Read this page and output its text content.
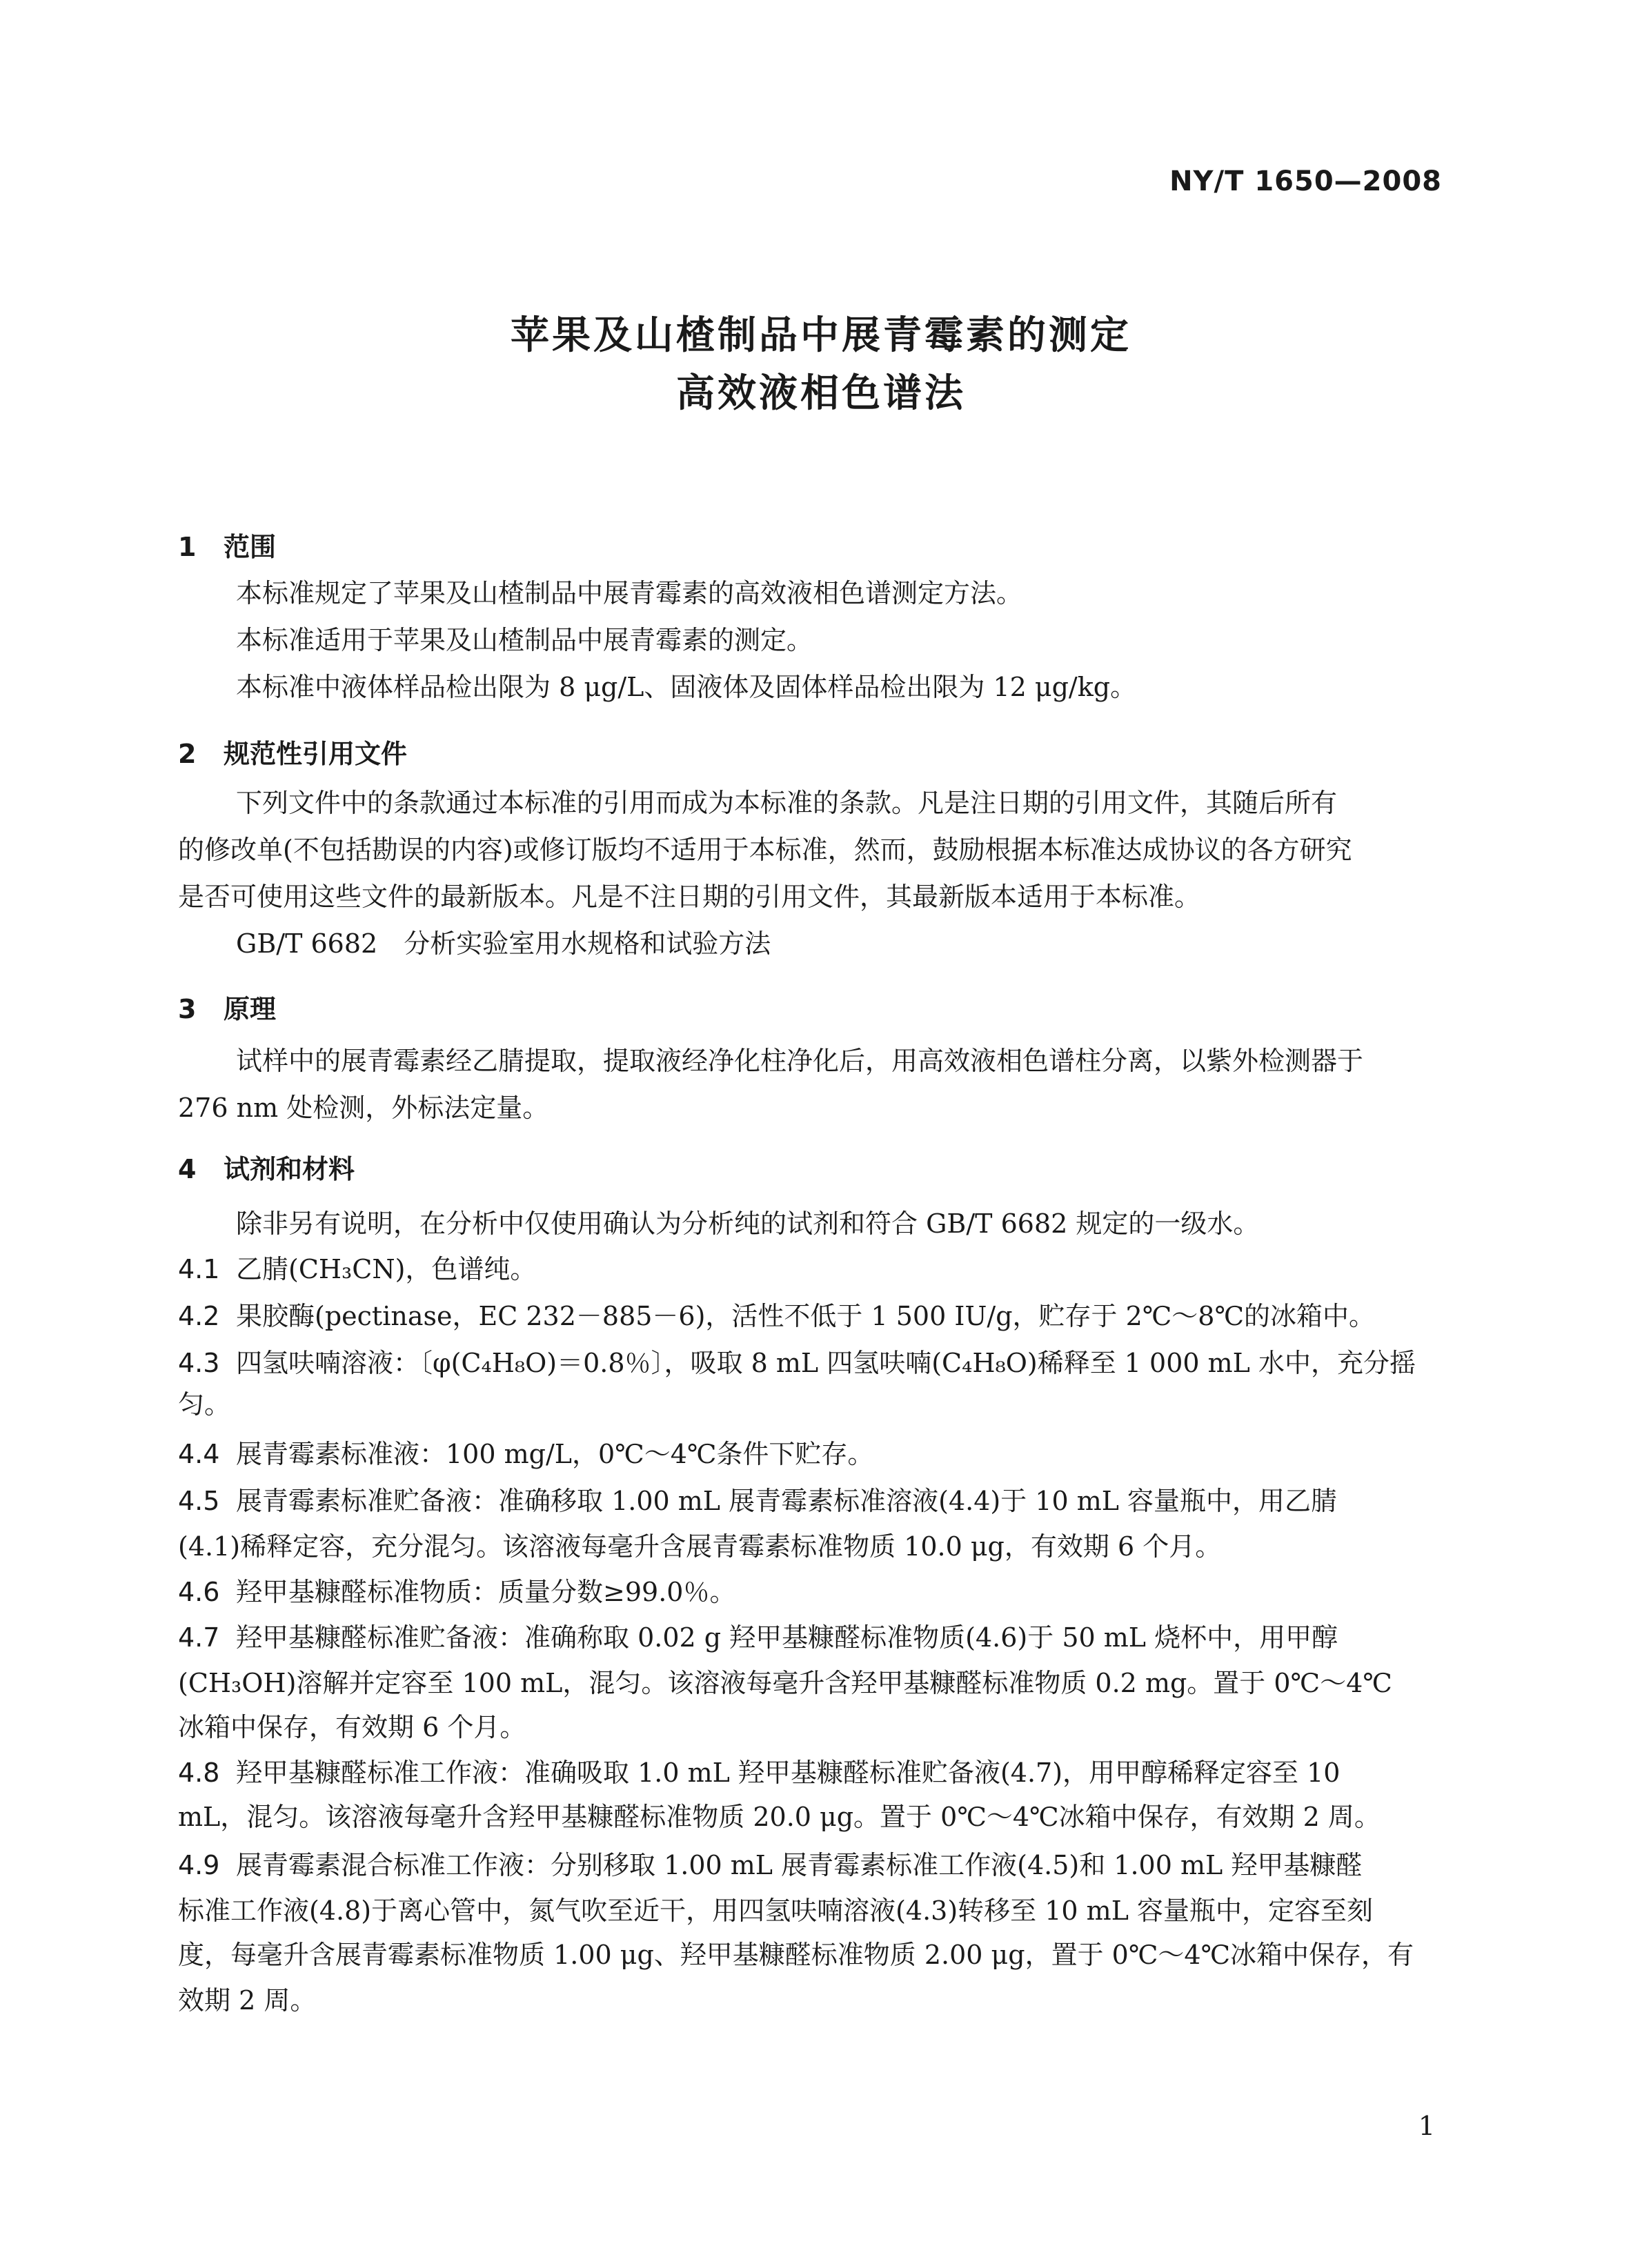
NY/T 1650—2008
苹果及山楂制品中展青霉素的测定
高效液相色谱法
1 范围
本标准规定了苹果及山楂制品中展青霉素的高效液相色谱测定方法。
本标准适用于苹果及山楂制品中展青霉素的测定。
本标准中液体样品检出限为 8 μg/L、固液体及固体样品检出限为 12 μg/kg。
2 规范性引用文件
下列文件中的条款通过本标准的引用而成为本标准的条款。凡是注日期的引用文件，其随后所有
的修改单(不包括勘误的内容)或修订版均不适用于本标准，然而，鼓励根据本标准达成协议的各方研究
是否可使用这些文件的最新版本。凡是不注日期的引用文件，其最新版本适用于本标准。
GB/T 6682　分析实验室用水规格和试验方法
3 原理
试样中的展青霉素经乙腈提取，提取液经净化柱净化后，用高效液相色谱柱分离，以紫外检测器于
276 nm 处检测，外标法定量。
4 试剂和材料
除非另有说明，在分析中仅使用确认为分析纯的试剂和符合 GB/T 6682 规定的一级水。
4.1 乙腈(CH₃CN)，色谱纯。
4.2 果胶酶(pectinase，EC 232－885－6)，活性不低于 1 500 IU/g，贮存于 2℃～8℃的冰箱中。
4.3 四氢呋喃溶液：〔φ(C₄H₈O)＝0.8％〕，吸取 8 mL 四氢呋喃(C₄H₈O)稀释至 1 000 mL 水中，充分摇
匀。
4.4 展青霉素标准液：100 mg/L，0℃～4℃条件下贮存。
4.5 展青霉素标准贮备液：准确移取 1.00 mL 展青霉素标准溶液(4.4)于 10 mL 容量瓶中，用乙腈
(4.1)稀释定容，充分混匀。该溶液每毫升含展青霉素标准物质 10.0 μg，有效期 6 个月。
4.6 羟甲基糠醛标准物质：质量分数≥99.0％。
4.7 羟甲基糠醛标准贮备液：准确称取 0.02 g 羟甲基糠醛标准物质(4.6)于 50 mL 烧杯中，用甲醇
(CH₃OH)溶解并定容至 100 mL，混匀。该溶液每毫升含羟甲基糠醛标准物质 0.2 mg。置于 0℃～4℃
冰箱中保存，有效期 6 个月。
4.8 羟甲基糠醛标准工作液：准确吸取 1.0 mL 羟甲基糠醛标准贮备液(4.7)，用甲醇稀释定容至 10
mL，混匀。该溶液每毫升含羟甲基糠醛标准物质 20.0 μg。置于 0℃～4℃冰箱中保存，有效期 2 周。
4.9 展青霉素混合标准工作液：分别移取 1.00 mL 展青霉素标准工作液(4.5)和 1.00 mL 羟甲基糠醛
标准工作液(4.8)于离心管中，氮气吹至近干，用四氢呋喃溶液(4.3)转移至 10 mL 容量瓶中，定容至刻
度，每毫升含展青霉素标准物质 1.00 μg、羟甲基糠醛标准物质 2.00 μg，置于 0℃～4℃冰箱中保存，有
效期 2 周。
1
